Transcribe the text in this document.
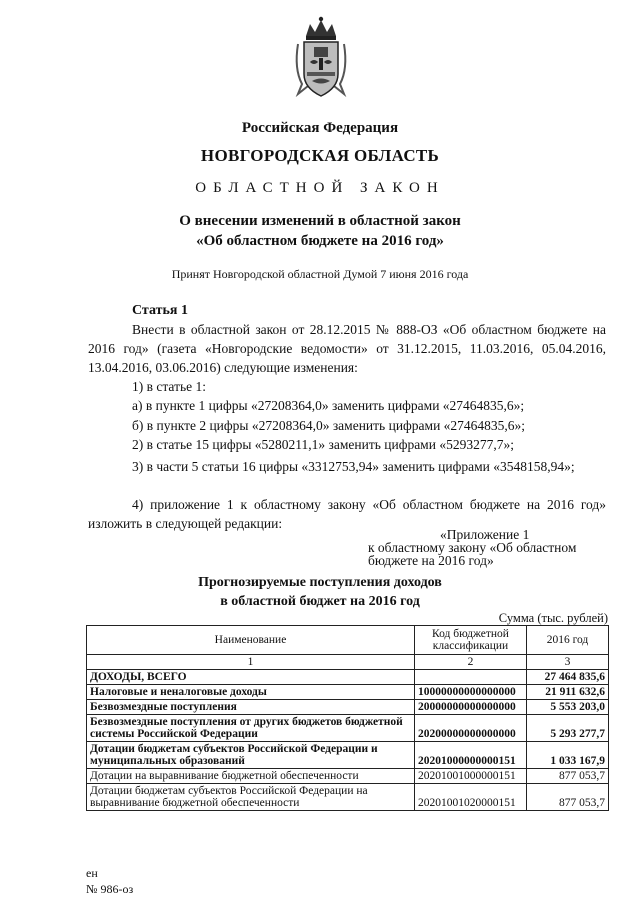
Российская Федерация
НОВГОРОДСКАЯ ОБЛАСТЬ
ОБЛАСТНОЙ ЗАКОН
О внесении изменений в областной закон
«Об областном бюджете на 2016 год»
Принят Новгородской областной Думой 7 июня 2016 года
Статья 1
Внести в областной закон от 28.12.2015 № 888-ОЗ «Об областном бюджете на 2016 год» (газета «Новгородские ведомости» от 31.12.2015, 11.03.2016, 05.04.2016, 13.04.2016, 03.06.2016) следующие изменения:
1) в статье 1:
а) в пункте 1 цифры «27208364,0» заменить цифрами «27464835,6»;
б) в пункте 2 цифры «27208364,0» заменить цифрами «27464835,6»;
2) в статье 15 цифры «5280211,1» заменить цифрами «5293277,7»;
3) в части 5 статьи 16 цифры «3312753,94» заменить цифрами «3548158,94»;
4) приложение 1 к областному закону «Об областном бюджете на 2016 год» изложить в следующей редакции:
«Приложение 1
к областному закону «Об областном бюджете на 2016 год»
Прогнозируемые поступления доходов
в областной бюджет на 2016 год
Сумма (тыс. рублей)
Наименование	Код бюджетной классификации	2016 год
1	2	3
ДОХОДЫ, ВСЕГО		27 464 835,6
Налоговые и неналоговые доходы	10000000000000000	21 911 632,6
Безвозмездные поступления	20000000000000000	5 553 203,0
Безвозмездные поступления от других бюджетов бюджетной системы Российской Федерации	20200000000000000	5 293 277,7
Дотации бюджетам субъектов Российской Федерации и муниципальных образований	20201000000000151	1 033 167,9
Дотации на выравнивание бюджетной обеспеченности	20201001000000151	877 053,7
Дотации бюджетам субъектов Российской Федерации на выравнивание бюджетной обеспеченности	20201001020000151	877 053,7
ен
№ 986-оз
